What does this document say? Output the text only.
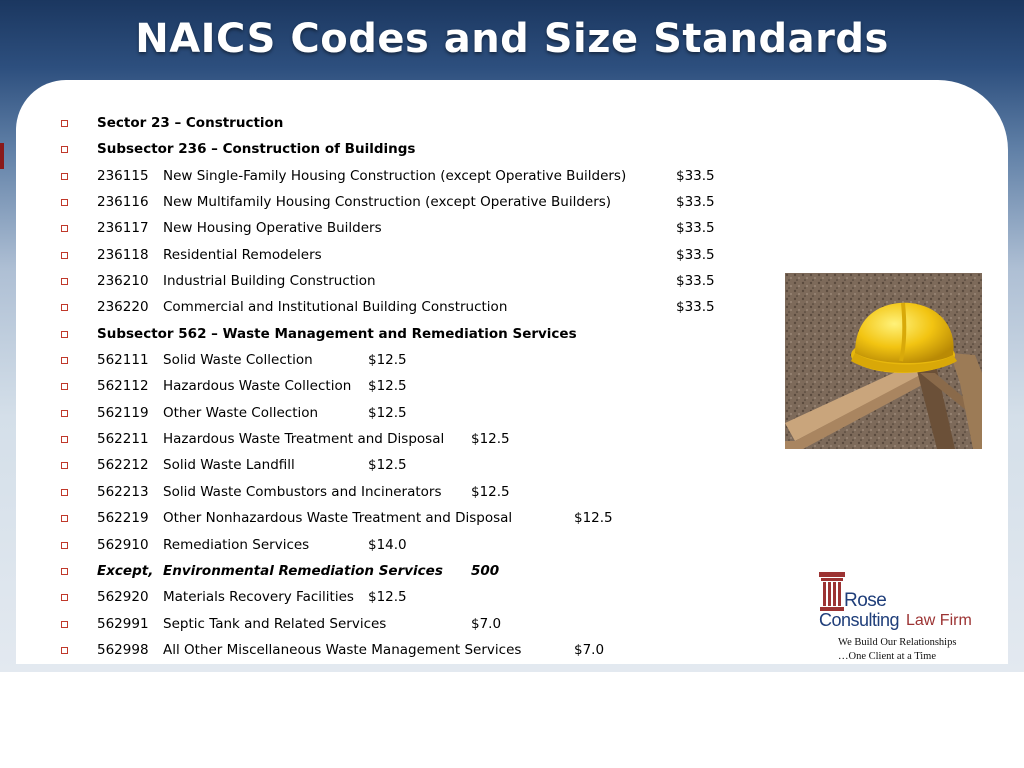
NAICS Codes and Size Standards
Sector 23 – Construction
Subsector 236 – Construction of Buildings
236115 New Single-Family Housing Construction (except Operative Builders)	$33.5
236116 New Multifamily Housing Construction (except Operative Builders)	$33.5
236117 New Housing Operative Builders	$33.5
236118 Residential Remodelers	$33.5
236210 Industrial Building Construction	$33.5
236220 Commercial and Institutional Building Construction	$33.5
Subsector 562 – Waste Management and Remediation Services
562111 Solid Waste Collection	$12.5
562112 Hazardous Waste Collection $12.5
562119 Other Waste Collection	$12.5
562211 Hazardous Waste Treatment and Disposal $12.5
562212 Solid Waste Landfill	$12.5
562213 Solid Waste Combustors and Incinerators $12.5
562219 Other Nonhazardous Waste Treatment and Disposal	$12.5
562910 Remediation Services	$14.0
Except, Environmental Remediation Services 500
562920 Materials Recovery Facilities $12.5
562991 Septic Tank and Related Services	$7.0
562998 All Other Miscellaneous Waste Management Services	$7.0
Rose
Consulting Law Firm
We Build Our Relationships
…One Client at a Time
